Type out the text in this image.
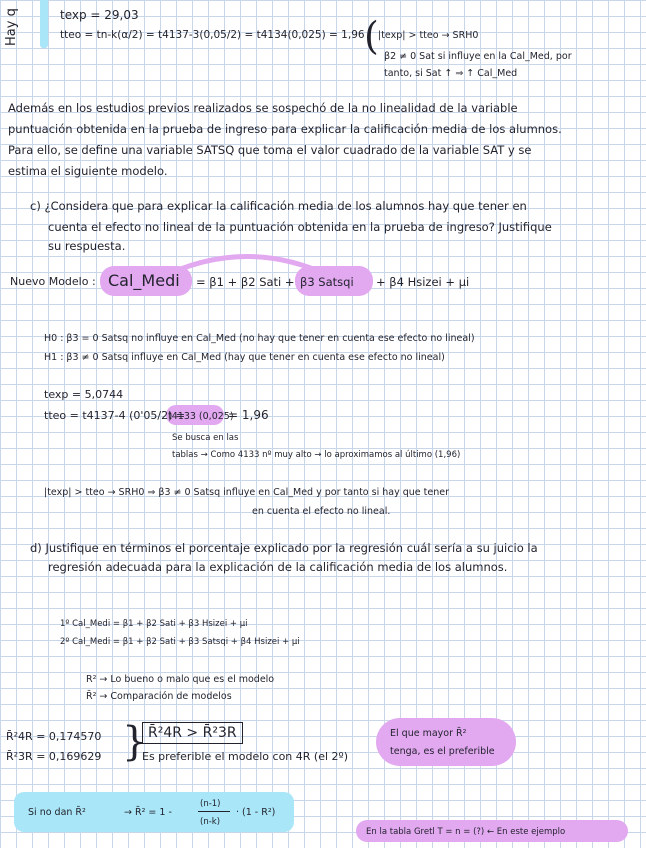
Hay q	texp = 29,03
tteo = tn-k(α/2) = t4137-3(0,05/2) = t4134(0,025) = 1,96 ( |texp| > tteo → SRH0
β2 ≠ 0 Sat si influye en la Cal_Med, por
tanto, si Sat ↑ ⇒ ↑ Cal_Med
Además en los estudios previos realizados se sospechó de la no linealidad de la variable
puntuación obtenida en la prueba de ingreso para explicar la calificación media de los alumnos.
Para ello, se define una variable SATSQ que toma el valor cuadrado de la variable SAT y se
estima el siguiente modelo.
c) ¿Considera que para explicar la calificación media de los alumnos hay que tener en
cuenta el efecto no lineal de la puntuación obtenida en la prueba de ingreso? Justifique
su respuesta.
Nuevo Modelo : Cal_Medi = β1 + β2 Sati + β3 Satsqi + β4 Hsizei + μi
H0 : β3 = 0 Satsq no influye en Cal_Med (no hay que tener en cuenta ese efecto no lineal)
H1 : β3 ≠ 0 Satsq influye en Cal_Med (hay que tener en cuenta ese efecto no lineal)
texp = 5,0744
tteo = t4137-4 (0'05/2) =
t4133 (0,025)
= 1,96
Se busca en las
tablas → Como 4133 nº muy alto → lo aproximamos al último (1,96)
|texp| > tteo → SRH0 ⇒ β3 ≠ 0 Satsq influye en Cal_Med y por tanto si hay que tener
en cuenta el efecto no lineal.
d) Justifique en términos el porcentaje explicado por la regresión cuál sería a su juicio la
regresión adecuada para la explicación de la calificación media de los alumnos.
1º Cal_Medi = β1 + β2 Sati + β3 Hsizei + μi
2º Cal_Medi = β1 + β2 Sati + β3 Satsqi + β4 Hsizei + μi
R² → Lo bueno o malo que es el modelo
R̄² → Comparación de modelos
R̄²4R = 0,174570
R̄²3R = 0,169629 } R̄²4R > R̄²3R
Es preferible el modelo con 4R (el 2º)
El que mayor R̄²
tenga, es el preferible
Si no dan R̄²	→ R̄² = 1 -
(n-1)
(n-k)
· (1 - R²)
En la tabla Gretl T = n = (?) ← En este ejemplo
